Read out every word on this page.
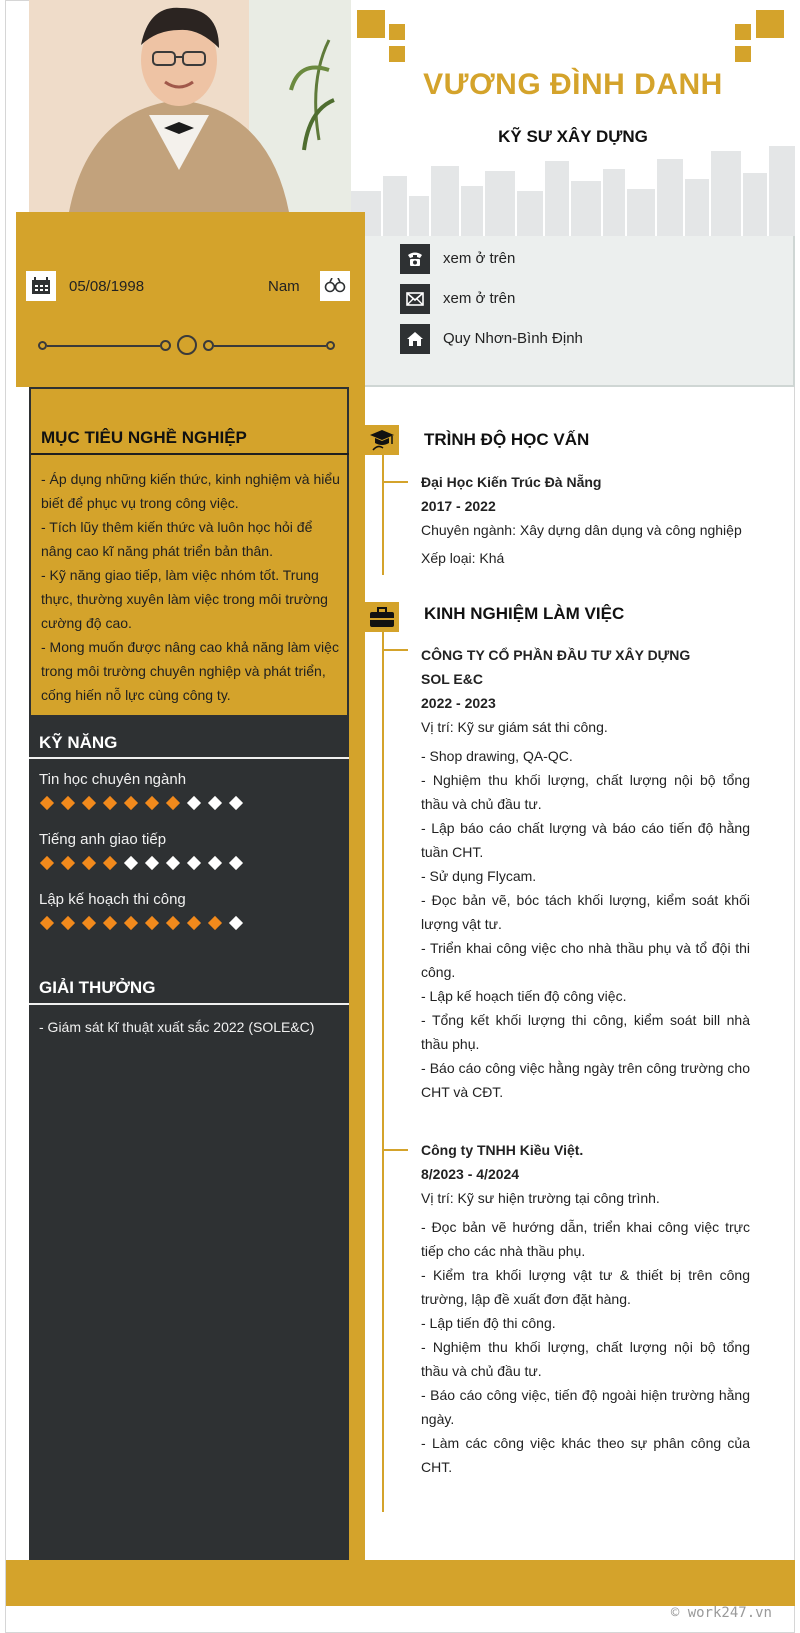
VƯƠNG ĐÌNH DANH
KỸ SƯ XÂY DỰNG
05/08/1998	Nam
xem ở trên
xem ở trên
Quy Nhơn-Bình Định
MỤC TIÊU NGHỀ NGHIỆP
- Áp dụng những kiến thức, kinh nghiệm và hiểu biết để phục vụ trong công việc.
- Tích lũy thêm kiến thức và luôn học hỏi để nâng cao kĩ năng phát triển bản thân.
- Kỹ năng giao tiếp, làm việc nhóm tốt. Trung thực, thường xuyên làm việc trong môi trường cường độ cao.
- Mong muốn được nâng cao khả năng làm việc trong môi trường chuyên nghiệp và phát triển, cống hiến nỗ lực cùng công ty.
KỸ NĂNG
Tin học chuyên ngành
Tiếng anh giao tiếp
Lập kế hoạch thi công
GIẢI THƯỞNG
- Giám sát kĩ thuật xuất sắc 2022 (SOLE&C)
TRÌNH ĐỘ HỌC VẤN
Đại Học Kiến Trúc Đà Nẵng
2017 - 2022
Chuyên ngành: Xây dựng dân dụng và công nghiệp
Xếp loại: Khá
KINH NGHIỆM LÀM VIỆC
CÔNG TY CỔ PHẦN ĐẦU TƯ XÂY DỰNG SOL E&C
2022 - 2023
Vị trí: Kỹ sư giám sát thi công.
- Shop drawing, QA-QC.
- Nghiệm thu khối lượng, chất lượng nội bộ tổng thầu và chủ đầu tư.
- Lập báo cáo chất lượng và báo cáo tiến độ hằng tuần CHT.
- Sử dụng Flycam.
- Đọc bản vẽ, bóc tách khối lượng, kiểm soát khối lượng vật tư.
- Triển khai công việc cho nhà thầu phụ và tổ đội thi công.
- Lập kế hoạch tiến độ công việc.
- Tổng kết khối lượng thi công, kiểm soát bill nhà thầu phụ.
- Báo cáo công việc hằng ngày trên công trường cho CHT và CĐT.
Công ty TNHH Kiều Việt.
8/2023 - 4/2024
Vị trí: Kỹ sư hiện trường tại công trình.
- Đọc bản vẽ hướng dẫn, triển khai công việc trực tiếp cho các nhà thầu phụ.
- Kiểm tra khối lượng vật tư & thiết bị trên công trường, lập đề xuất đơn đặt hàng.
- Lập tiến độ thi công.
- Nghiệm thu khối lượng, chất lượng nội bộ tổng thầu và chủ đầu tư.
- Báo cáo công việc, tiến độ ngoài hiện trường hằng ngày.
- Làm các công việc khác theo sự phân công của CHT.
© work247.vn
